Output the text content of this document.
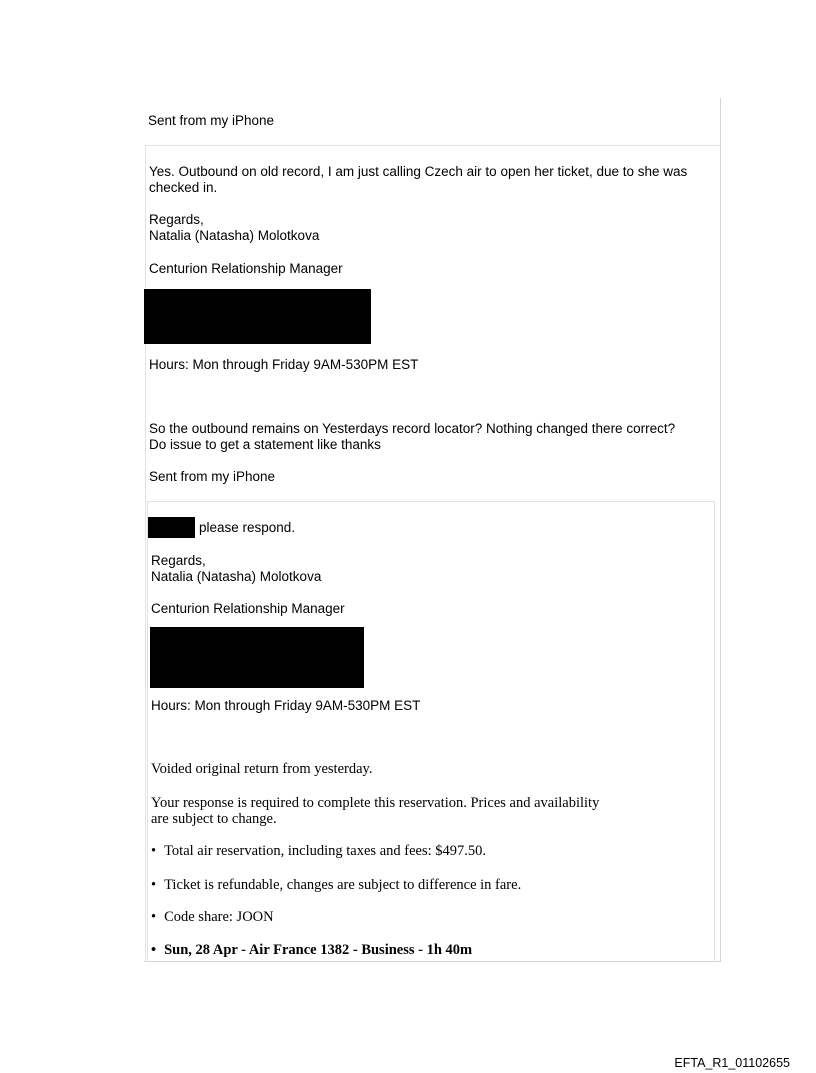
Sent from my iPhone
Yes. Outbound on old record, I am just calling Czech air to open her ticket, due to she was
checked in.
Regards,
Natalia (Natasha) Molotkova
Centurion Relationship Manager
Hours: Mon through Friday 9AM-530PM EST
So the outbound remains on Yesterdays record locator? Nothing changed there correct?
Do issue to get a statement like thanks
Sent from my iPhone
please respond.
Regards,
Natalia (Natasha) Molotkova
Centurion Relationship Manager
Hours: Mon through Friday 9AM-530PM EST
Voided original return from yesterday.
Your response is required to complete this reservation. Prices and availability
are subject to change.
• Total air reservation, including taxes and fees: $497.50.
• Ticket is refundable, changes are subject to difference in fare.
• Code share: JOON
• Sun, 28 Apr - Air France 1382 - Business - 1h 40m
EFTA_R1_01102655
